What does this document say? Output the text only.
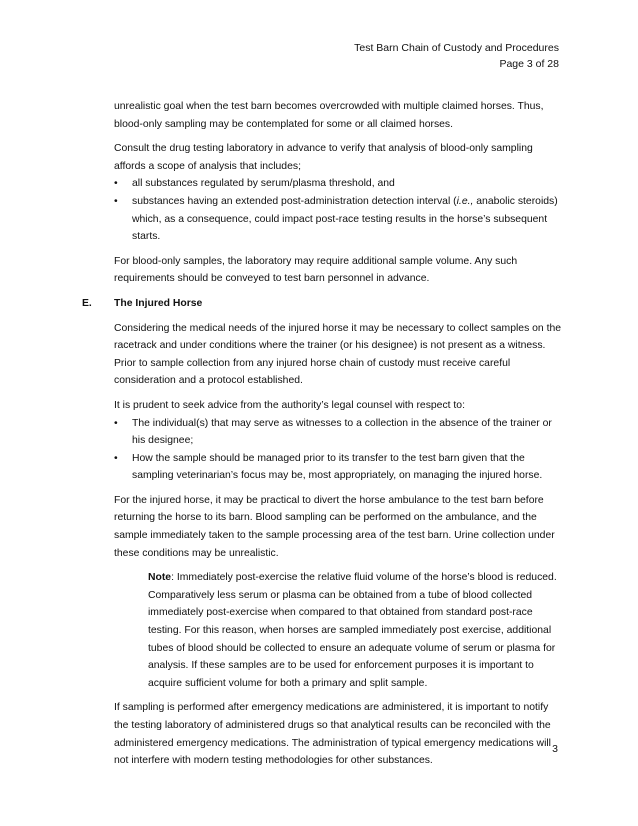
Test Barn Chain of Custody and Procedures
Page 3 of 28

unrealistic goal when the test barn becomes overcrowded with multiple claimed horses. Thus, blood-only sampling may be contemplated for some or all claimed horses.

Consult the drug testing laboratory in advance to verify that analysis of blood-only sampling affords a scope of analysis that includes;

• all substances regulated by serum/plasma threshold, and
• substances having an extended post-administration detection interval (i.e., anabolic steroids) which, as a consequence, could impact post-race testing results in the horse’s subsequent starts.

For blood-only samples, the laboratory may require additional sample volume. Any such requirements should be conveyed to test barn personnel in advance.

E.	The Injured Horse

Considering the medical needs of the injured horse it may be necessary to collect samples on the racetrack and under conditions where the trainer (or his designee) is not present as a witness. Prior to sample collection from any injured horse chain of custody must receive careful consideration and a protocol established.

It is prudent to seek advice from the authority’s legal counsel with respect to:

• The individual(s) that may serve as witnesses to a collection in the absence of the trainer or his designee;
• How the sample should be managed prior to its transfer to the test barn given that the sampling veterinarian’s focus may be, most appropriately, on managing the injured horse.

For the injured horse, it may be practical to divert the horse ambulance to the test barn before returning the horse to its barn. Blood sampling can be performed on the ambulance, and the sample immediately taken to the sample processing area of the test barn. Urine collection under these conditions may be unrealistic.

Note: Immediately post-exercise the relative fluid volume of the horse’s blood is reduced. Comparatively less serum or plasma can be obtained from a tube of blood collected immediately post-exercise when compared to that obtained from standard post-race testing. For this reason, when horses are sampled immediately post exercise, additional tubes of blood should be collected to ensure an adequate volume of serum or plasma for analysis. If these samples are to be used for enforcement purposes it is important to acquire sufficient volume for both a primary and split sample.

If sampling is performed after emergency medications are administered, it is important to notify the testing laboratory of administered drugs so that analytical results can be reconciled with the administered emergency medications. The administration of typical emergency medications will not interfere with modern testing methodologies for other substances.

3
